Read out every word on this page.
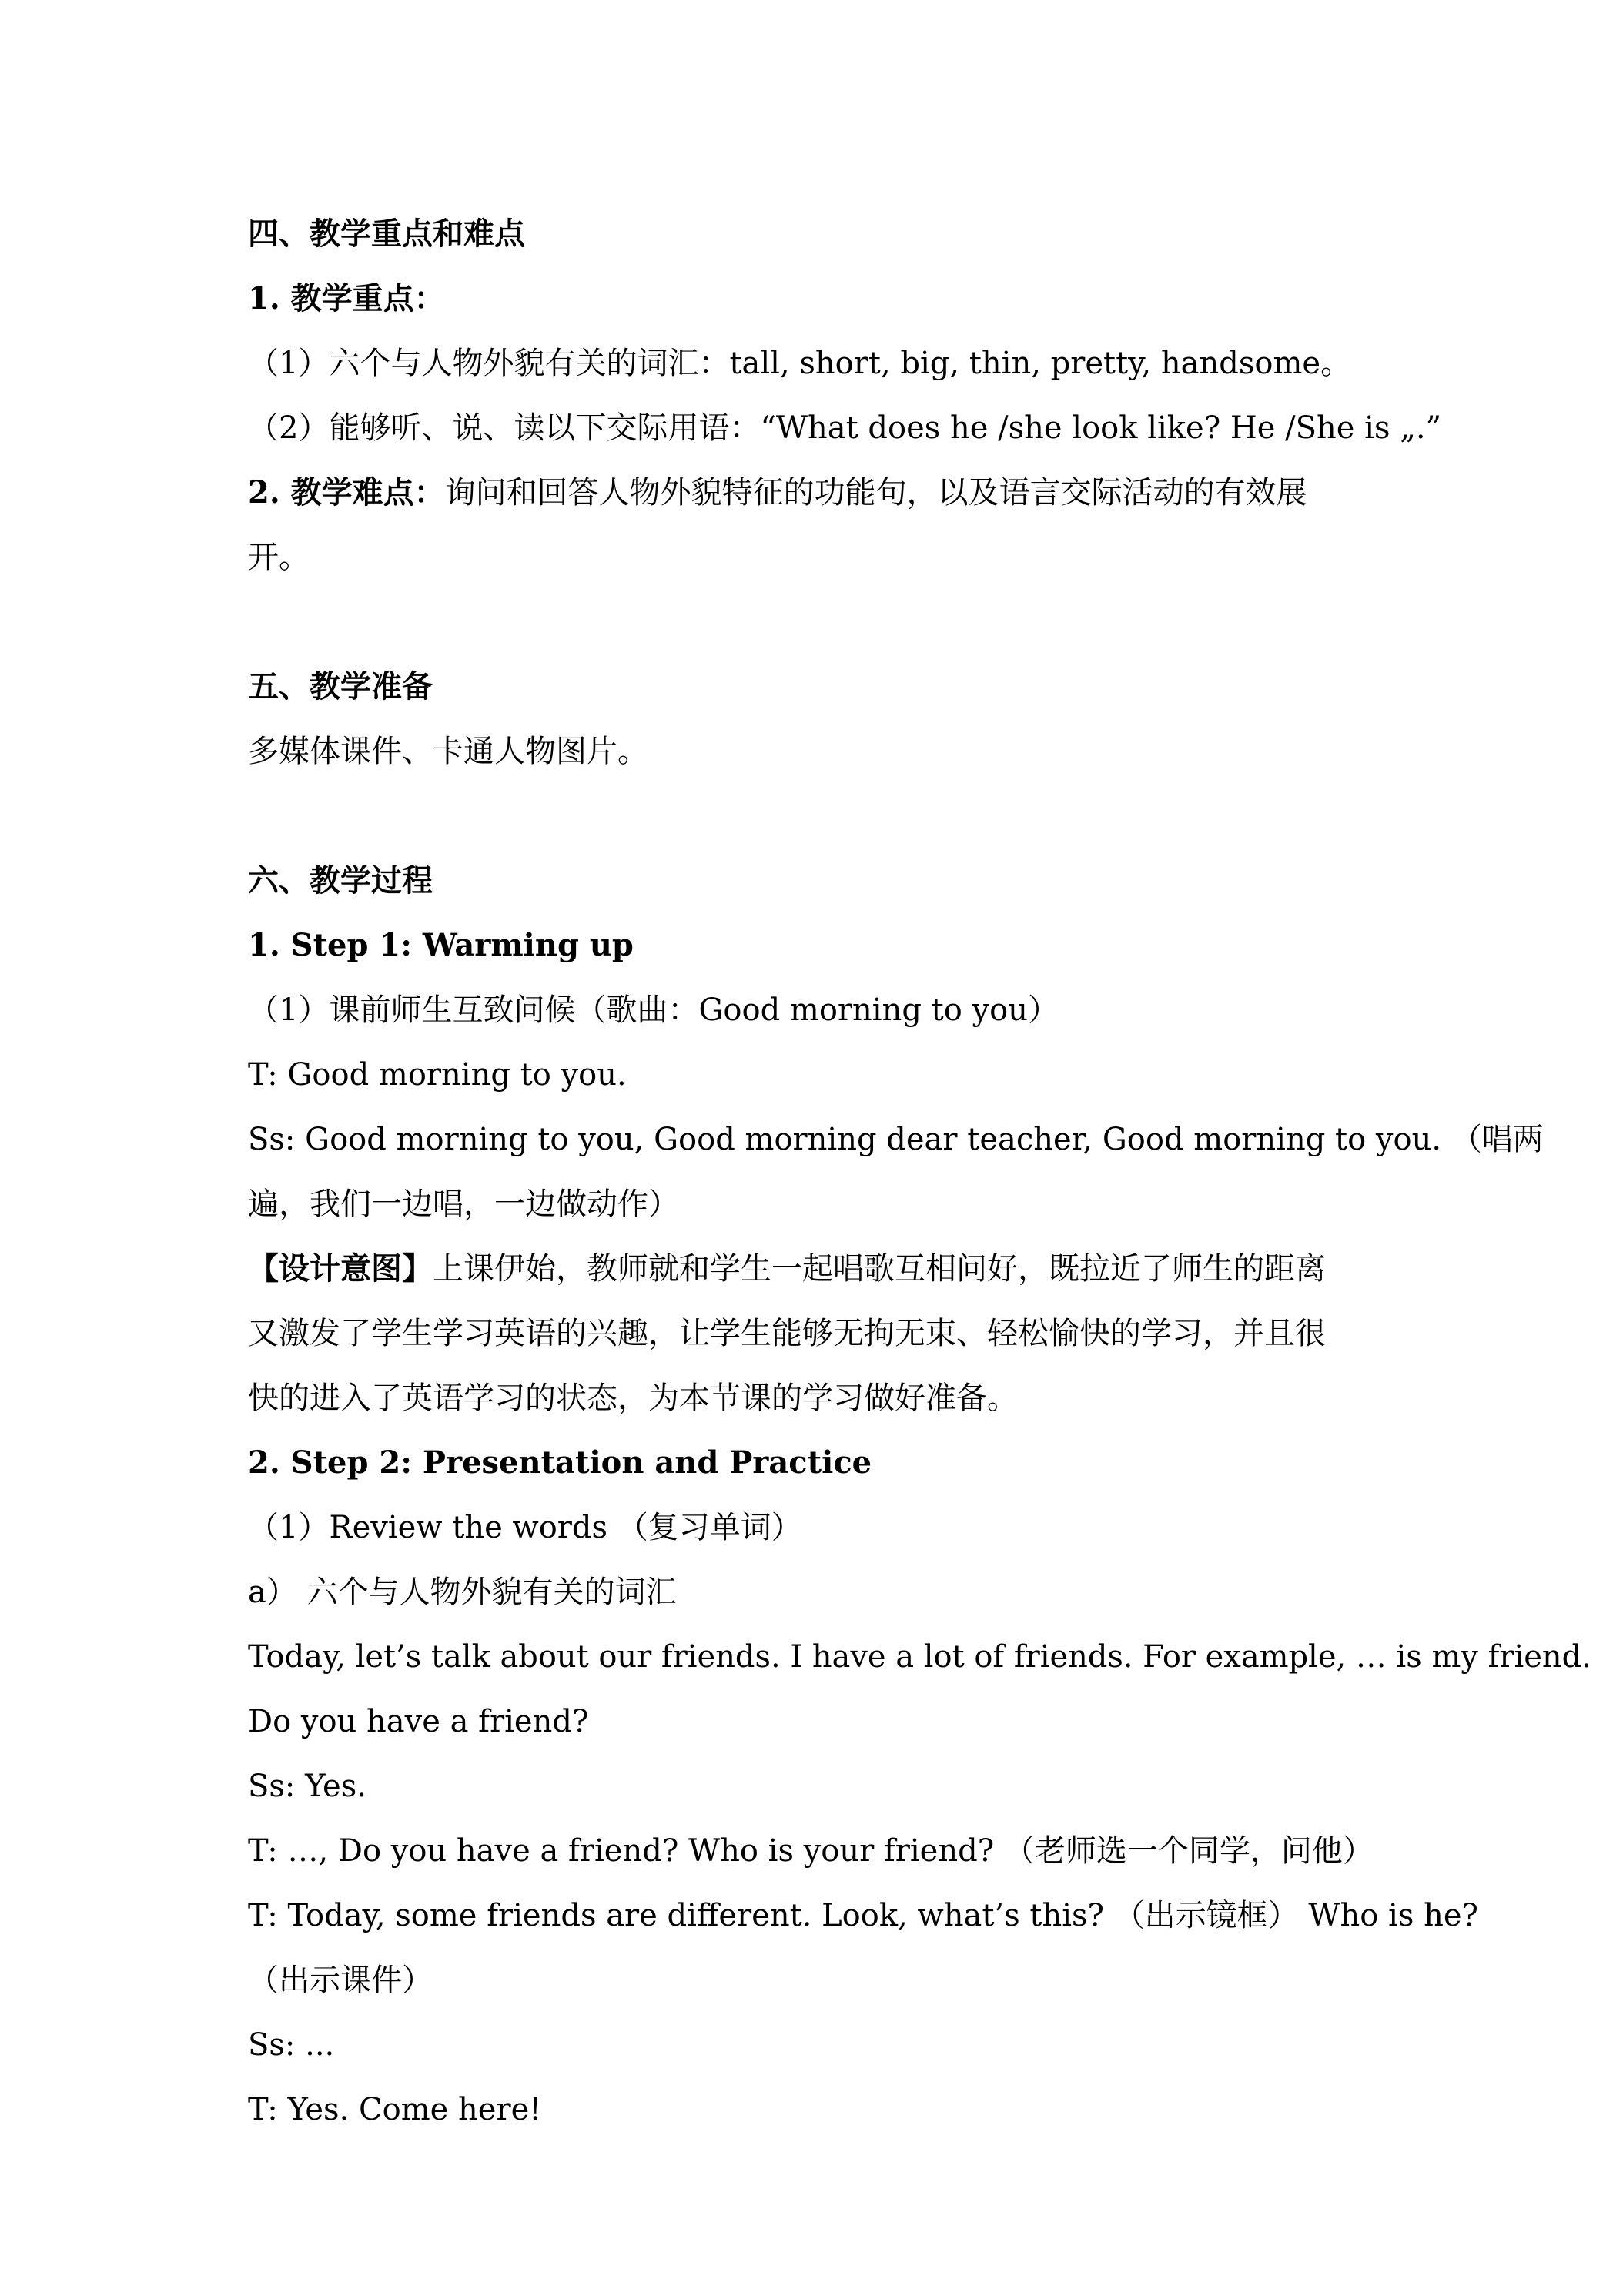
四、教学重点和难点
1. 教学重点：
（1）六个与人物外貌有关的词汇：tall, short, big, thin, pretty, handsome。
（2）能够听、说、读以下交际用语：“What does he /she look like? He /She is „.”
2. 教学难点：询问和回答人物外貌特征的功能句，以及语言交际活动的有效展
开。
五、教学准备
多媒体课件、卡通人物图片。
六、教学过程
1. Step 1: Warming up
（1）课前师生互致问候（歌曲：Good morning to you）
T: Good morning to you.
Ss: Good morning to you, Good morning dear teacher, Good morning to you. （唱两
遍，我们一边唱，一边做动作）
【设计意图】上课伊始，教师就和学生一起唱歌互相问好，既拉近了师生的距离
又激发了学生学习英语的兴趣，让学生能够无拘无束、轻松愉快的学习，并且很
快的进入了英语学习的状态，为本节课的学习做好准备。
2. Step 2: Presentation and Practice
（1）Review the words （复习单词）
a） 六个与人物外貌有关的词汇
Today, let’s talk about our friends. I have a lot of friends. For example, … is my friend.
Do you have a friend?
Ss: Yes.
T: …, Do you have a friend? Who is your friend? （老师选一个同学，问他）
T: Today, some friends are different. Look, what’s this? （出示镜框） Who is he?
（出示课件）
Ss: ...
T: Yes. Come here!
